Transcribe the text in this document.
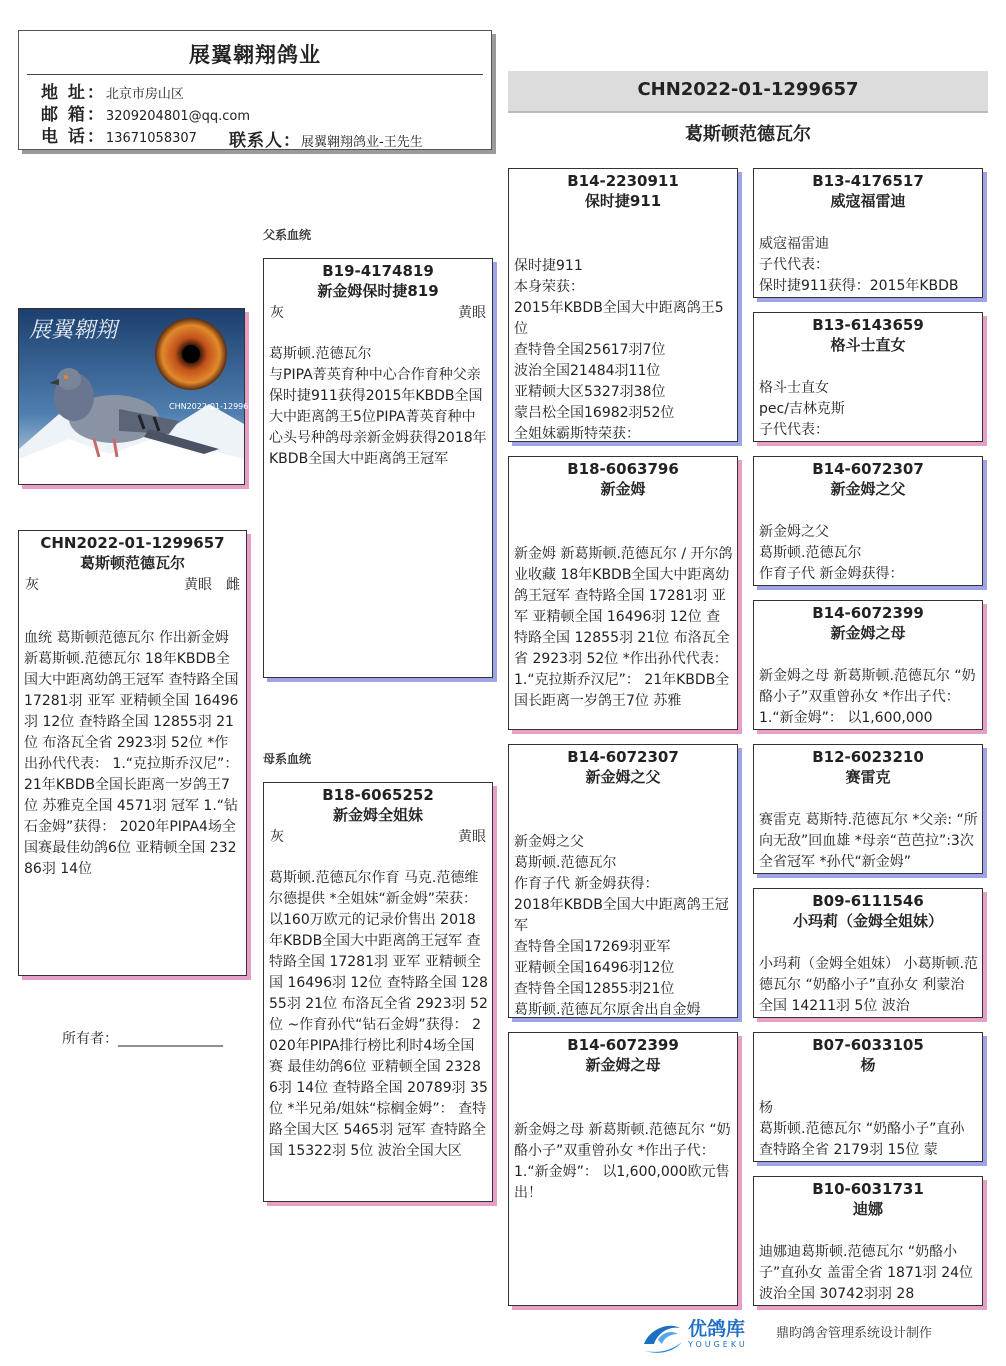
展翼翱翔鸽业
地 址：北京市房山区
邮 箱：3209204801@qq.com
电 话：13671058307	联系人：展翼翱翔鸽业-王先生
CHN2022-01-1299657
葛斯顿范德瓦尔
展翼翱翔
CHN2022-01-1299657
CHN2022-01-1299657
葛斯顿范德瓦尔
灰	黄眼 雌
血统 葛斯顿范德瓦尔 作出新金姆 新葛斯顿.范德瓦尔 18年KBDB全国大中距离幼鸽王冠军 查特路全国 17281羽 亚军 亚精顿全国 16496羽 12位 查特路全国 12855羽 21位 布洛瓦全省 2923羽 52位 *作出孙代代表： 1.“克拉斯乔汉尼”： 21年KBDB全国长距离一岁鸽王7位 苏雅克全国 4571羽 冠军 1.“钻石金姆”获得： 2020年PIPA4场全国赛最佳幼鸽6位 亚精顿全国 23286羽 14位
所有者：_______________
父系血统
母系血统
B19-4174819
新金姆保时捷819
灰	黄眼
葛斯顿.范德瓦尔
与PIPA菁英育种中心合作育种父亲保时捷911获得2015年KBDB全国大中距离鸽王5位PIPA菁英育种中心头号种鸽母亲新金姆获得2018年KBDB全国大中距离鸽王冠军
B18-6065252
新金姆全姐妹
灰	黄眼
葛斯顿.范德瓦尔作育 马克.范德维尔德提供 *全姐妹“新金姆”荣获： 以160万欧元的记录价售出 2018年KBDB全国大中距离鸽王冠军 查特路全国 17281羽 亚军 亚精顿全国 16496羽 12位 查特路全国 12855羽 21位 布洛瓦全省 2923羽 52位 ~作育孙代“钻石金姆”获得： 2020年PIPA排行榜比利时4场全国赛 最佳幼鸽6位 亚精顿全国 23286羽 14位 查特路全国 20789羽 35位 *半兄弟/姐妹“棕榈金姆”： 查特路全国大区 5465羽 冠军 查特路全国 15322羽 5位 波治全国大区
B14-2230911
保时捷911
保时捷911
本身荣获：
2015年KBDB全国大中距离鸽王5位
查特鲁全国25617羽7位
波治全国21484羽11位
亚精顿大区5327羽38位
蒙吕松全国16982羽52位
全姐妹霸斯特荣获：
B18-6063796
新金姆
新金姆 新葛斯顿.范德瓦尔 / 开尔鸽业收藏 18年KBDB全国大中距离幼鸽王冠军 查特路全国 17281羽 亚军 亚精顿全国 16496羽 12位 查特路全国 12855羽 21位 布洛瓦全省 2923羽 52位 *作出孙代代表： 1.“克拉斯乔汉尼”： 21年KBDB全国长距离一岁鸽王7位 苏雅
B14-6072307
新金姆之父
新金姆之父
葛斯顿.范德瓦尔
作育子代 新金姆获得：
2018年KBDB全国大中距离鸽王冠军
查特鲁全国17269羽亚军
亚精顿全国16496羽12位
查特鲁全国12855羽21位
葛斯顿.范德瓦尔原舍出自金姆
B14-6072399
新金姆之母
新金姆之母 新葛斯顿.范德瓦尔 “奶酪小子”双重曾孙女 *作出子代： 1.“新金姆”： 以1,600,000欧元售出！
B13-4176517
威寇福雷迪
威寇福雷迪
子代代表：
保时捷911获得：2015年KBDB
B13-6143659
格斗士直女
格斗士直女
pec/吉林克斯
子代代表：
B14-6072307
新金姆之父
新金姆之父
葛斯顿.范德瓦尔
作育子代 新金姆获得：
B14-6072399
新金姆之母
新金姆之母 新葛斯顿.范德瓦尔 “奶酪小子”双重曾孙女 *作出子代： 1.“新金姆”： 以1,600,000
B12-6023210
赛雷克
赛雷克 葛斯特.范德瓦尔 *父亲: “所向无敌”回血雄 *母亲“芭芭拉”:3次全省冠军 *孙代“新金姆”
B09-6111546
小玛莉（金姆全姐妹）
小玛莉（金姆全姐妹） 小葛斯顿.范德瓦尔 “奶酪小子”直孙女 利蒙治全国 14211羽 5位 波治
B07-6033105
杨
杨
葛斯顿.范德瓦尔 “奶酪小子”直孙 查特路全省 2179羽 15位 蒙
B10-6031731
迪娜
迪娜迪葛斯顿.范德瓦尔 “奶酪小子”直孙女 盖雷全省 1871羽 24位 波治全国 30742羽羽 28
优鸽库
YOUGEKU
鼎昀鸽舍管理系统设计制作
